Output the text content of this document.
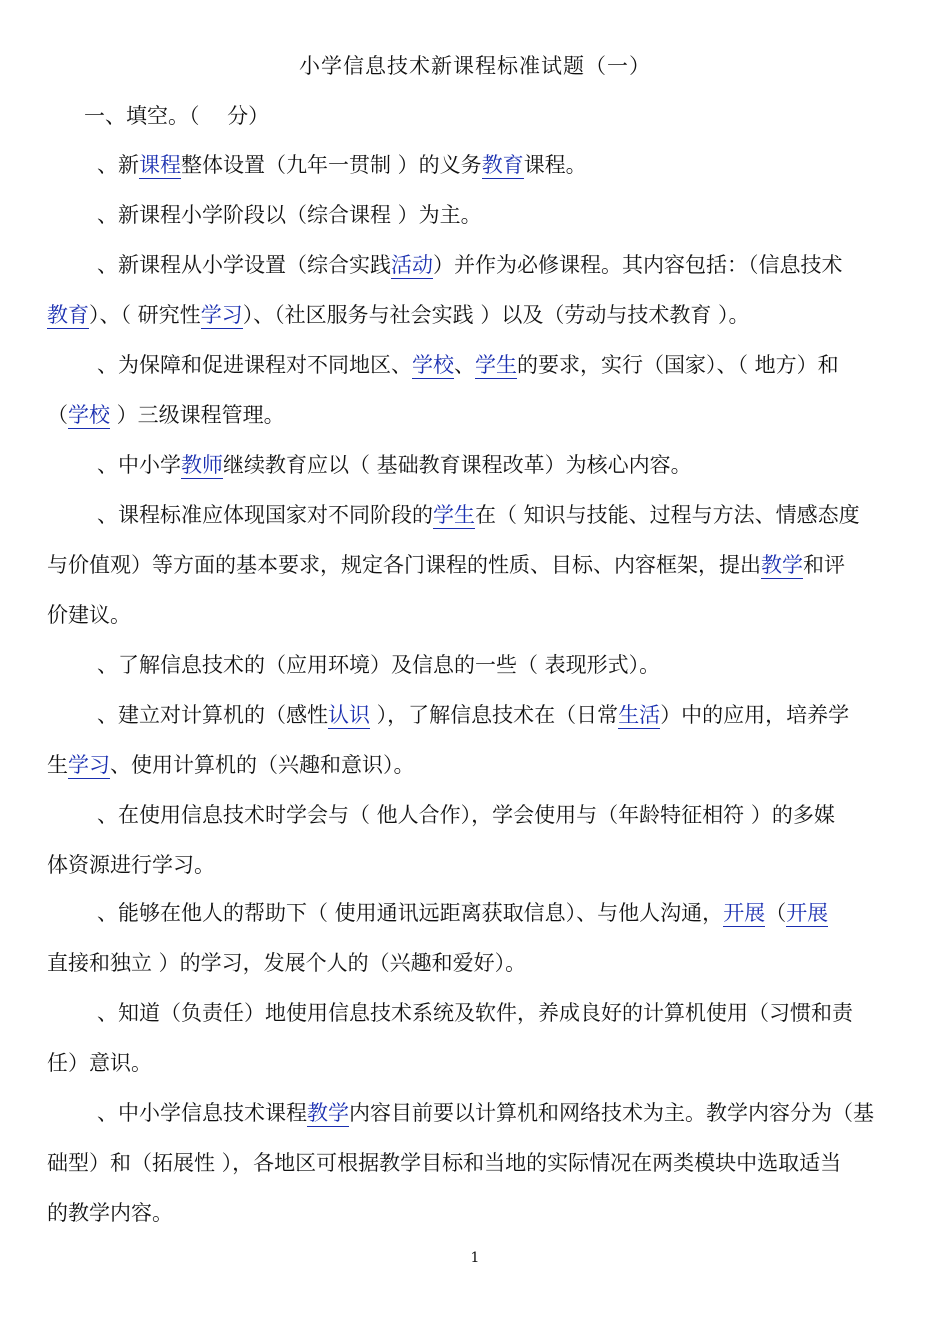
小学信息技术新课程标准试题（一）
一、填空。（　 分）
、新课程整体设置（九年一贯制 ）的义务教育课程。
、新课程小学阶段以（综合课程 ）为主。
、新课程从小学设置（综合实践活动）并作为必修课程。其内容包括：（信息技术
教育）、（ 研究性学习）、（社区服务与社会实践 ）以及（劳动与技术教育 ）。
、为保障和促进课程对不同地区、学校、学生的要求，实行（国家）、（ 地方）和
（学校 ）三级课程管理。
、中小学教师继续教育应以（ 基础教育课程改革）为核心内容。
、课程标准应体现国家对不同阶段的学生在（ 知识与技能、过程与方法、情感态度
与价值观）等方面的基本要求，规定各门课程的性质、目标、内容框架，提出教学和评
价建议。
、了解信息技术的（应用环境）及信息的一些（ 表现形式）。
、建立对计算机的（感性认识 ），了解信息技术在（日常生活）中的应用，培养学
生学习、使用计算机的（兴趣和意识）。
、在使用信息技术时学会与（ 他人合作），学会使用与（年龄特征相符 ）的多媒
体资源进行学习。
、能够在他人的帮助下（ 使用通讯远距离获取信息）、与他人沟通，开展（开展
直接和独立 ）的学习，发展个人的（兴趣和爱好）。
、知道（负责任）地使用信息技术系统及软件，养成良好的计算机使用（习惯和责
任）意识。
、中小学信息技术课程教学内容目前要以计算机和网络技术为主。教学内容分为（基
础型）和（拓展性 ），各地区可根据教学目标和当地的实际情况在两类模块中选取适当
的教学内容。
1
